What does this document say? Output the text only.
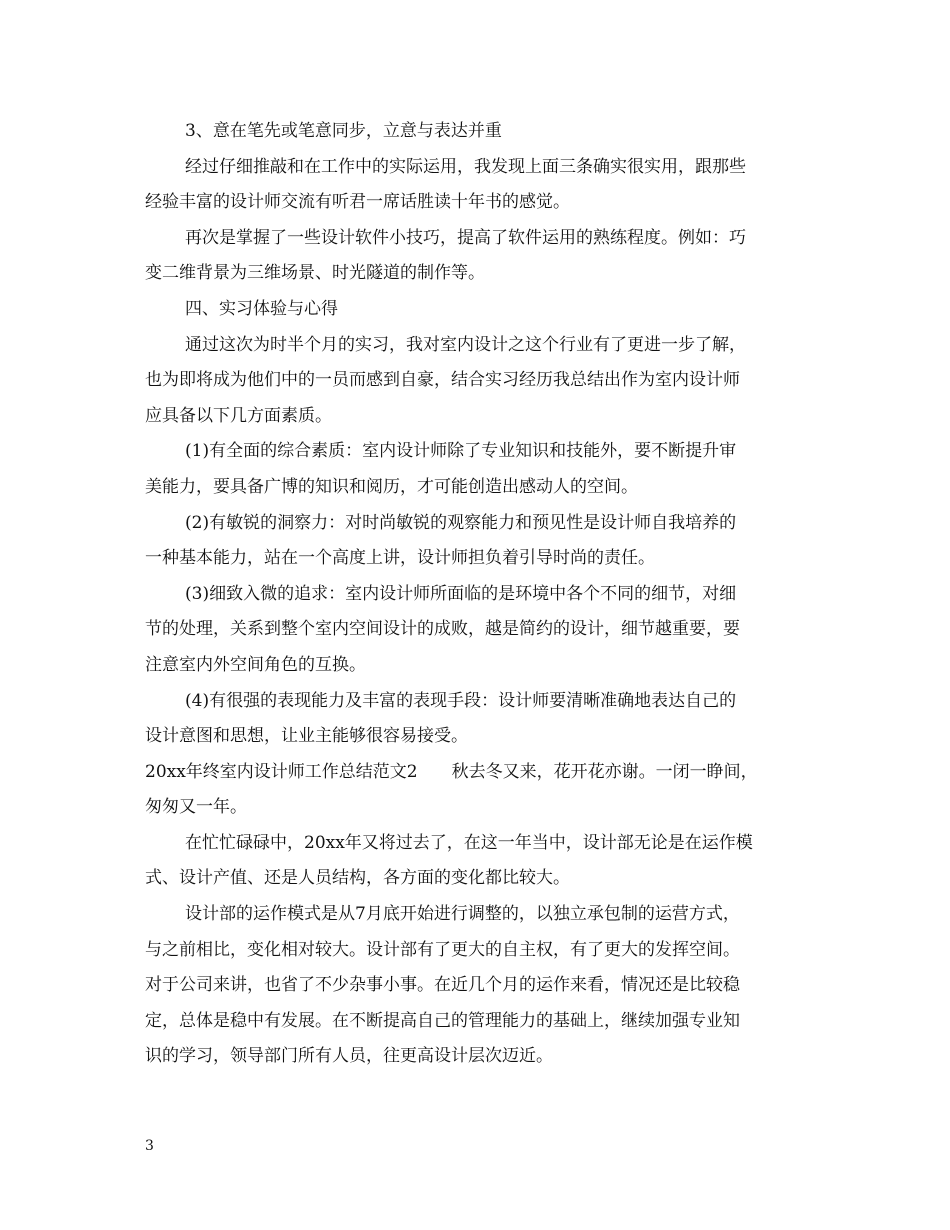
3、意在笔先或笔意同步，立意与表达并重
经过仔细推敲和在工作中的实际运用，我发现上面三条确实很实用，跟那些
经验丰富的设计师交流有听君一席话胜读十年书的感觉。
再次是掌握了一些设计软件小技巧，提高了软件运用的熟练程度。例如：巧
变二维背景为三维场景、时光隧道的制作等。
四、实习体验与心得
通过这次为时半个月的实习，我对室内设计之这个行业有了更进一步了解，
也为即将成为他们中的一员而感到自豪，结合实习经历我总结出作为室内设计师
应具备以下几方面素质。
(1)有全面的综合素质：室内设计师除了专业知识和技能外，要不断提升审
美能力，要具备广博的知识和阅历，才可能创造出感动人的空间。
(2)有敏锐的洞察力：对时尚敏锐的观察能力和预见性是设计师自我培养的
一种基本能力，站在一个高度上讲，设计师担负着引导时尚的责任。
(3)细致入微的追求：室内设计师所面临的是环境中各个不同的细节，对细
节的处理，关系到整个室内空间设计的成败，越是简约的设计，细节越重要，要
注意室内外空间角色的互换。
(4)有很强的表现能力及丰富的表现手段：设计师要清晰准确地表达自己的
设计意图和思想，让业主能够很容易接受。
20xx年终室内设计师工作总结范文2　　秋去冬又来，花开花亦谢。一闭一睁间，
匆匆又一年。
在忙忙碌碌中，20xx年又将过去了，在这一年当中，设计部无论是在运作模
式、设计产值、还是人员结构，各方面的变化都比较大。
设计部的运作模式是从7月底开始进行调整的，以独立承包制的运营方式，
与之前相比，变化相对较大。设计部有了更大的自主权，有了更大的发挥空间。
对于公司来讲，也省了不少杂事小事。在近几个月的运作来看，情况还是比较稳
定，总体是稳中有发展。在不断提高自己的管理能力的基础上，继续加强专业知
识的学习，领导部门所有人员，往更高设计层次迈近。
3
